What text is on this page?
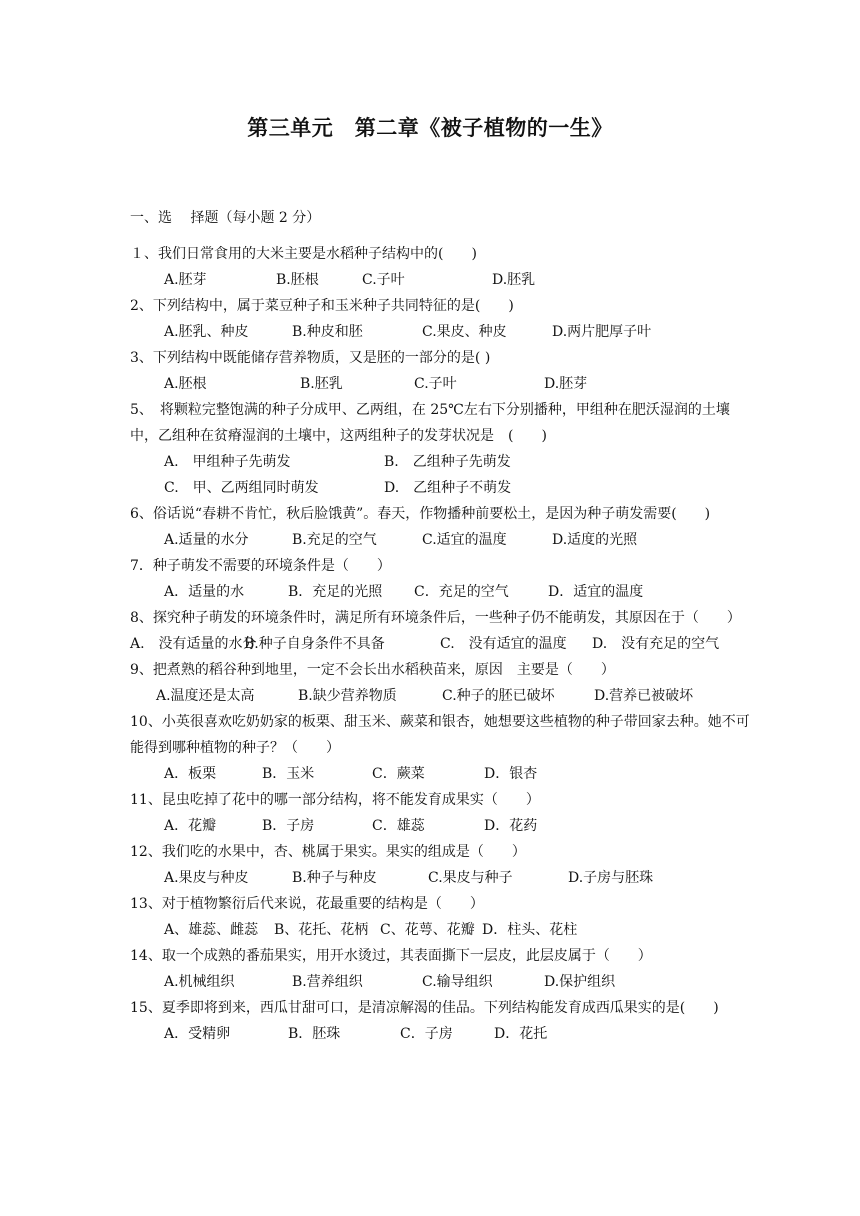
第三单元　第二章《被子植物的一生》
一、选　 择题（每小题 2 分）
１、我们日常食用的大米主要是水稻种子结构中的(　　)
A.胚芽	B.胚根	C.子叶	D.胚乳
2、下列结构中，属于菜豆种子和玉米种子共同特征的是(　　)
A.胚乳、种皮	B.种皮和胚	C.果皮、种皮	D.两片肥厚子叶
3、下列结构中既能储存营养物质，又是胚的一部分的是( )
A.胚根	B.胚乳	C.子叶	D.胚芽
5、　将颗粒完整饱满的种子分成甲、乙两组，在 25℃左右下分别播种，甲组种在肥沃湿润的土壤中，乙组种在贫瘠湿润的土壤中，这两组种子的发芽状况是　(　　)
A.　甲组种子先萌发	B.　乙组种子先萌发
C.　甲、乙两组同时萌发	D.　乙组种子不萌发
6、俗话说“春耕不肯忙，秋后脸饿黄”。春天，作物播种前要松土，是因为种子萌发需要(　　)
A.适量的水分	B.充足的空气	C.适宜的温度	D.适度的光照
7．种子萌发不需要的环境条件是（　　）
A．适量的水	B．充足的光照 C．充足的空气	D．适宜的温度
8、探究种子萌发的环境条件时，满足所有环境条件后，一些种子仍不能萌发，其原因在于（　　）
A.　没有适量的水分
B.种子自身条件不具备	C.　没有适宜的温度 D.　没有充足的空气
9、把煮熟的稻谷种到地里，一定不会长出水稻秧苗来，原因　主要是（　　）
A.温度还是太高	B.缺少营养物质	C.种子的胚已破坏	D.营养已被破坏
10、小英很喜欢吃奶奶家的板栗、甜玉米、蕨菜和银杏，她想要这些植物的种子带回家去种。她不可能得到哪种植物的种子？（　　）
A．板栗	B．玉米	C．蕨菜	D．银杏
11、昆虫吃掉了花中的哪一部分结构，将不能发育成果实（　　）
A．花瓣	B．子房	C．雄蕊	D．花药
12、我们吃的水果中，杏、桃属于果实。果实的组成是（　　）
A.果皮与种皮	B.种子与种皮	C.果皮与种子	D.子房与胚珠
13、对于植物繁衍后代来说，花最重要的结构是（　　）
A、雄蕊、雌蕊 B、花托、花柄 C、花萼、花瓣 D．柱头、花柱
14、取一个成熟的番茄果实，用开水烫过，其表面撕下一层皮，此层皮属于（　　）
A.机械组织	B.营养组织	C.输导组织	D.保护组织
15、夏季即将到来，西瓜甘甜可口，是清凉解渴的佳品。下列结构能发育成西瓜果实的是(　　)
A．受精卵	B．胚珠	C．子房	D．花托
